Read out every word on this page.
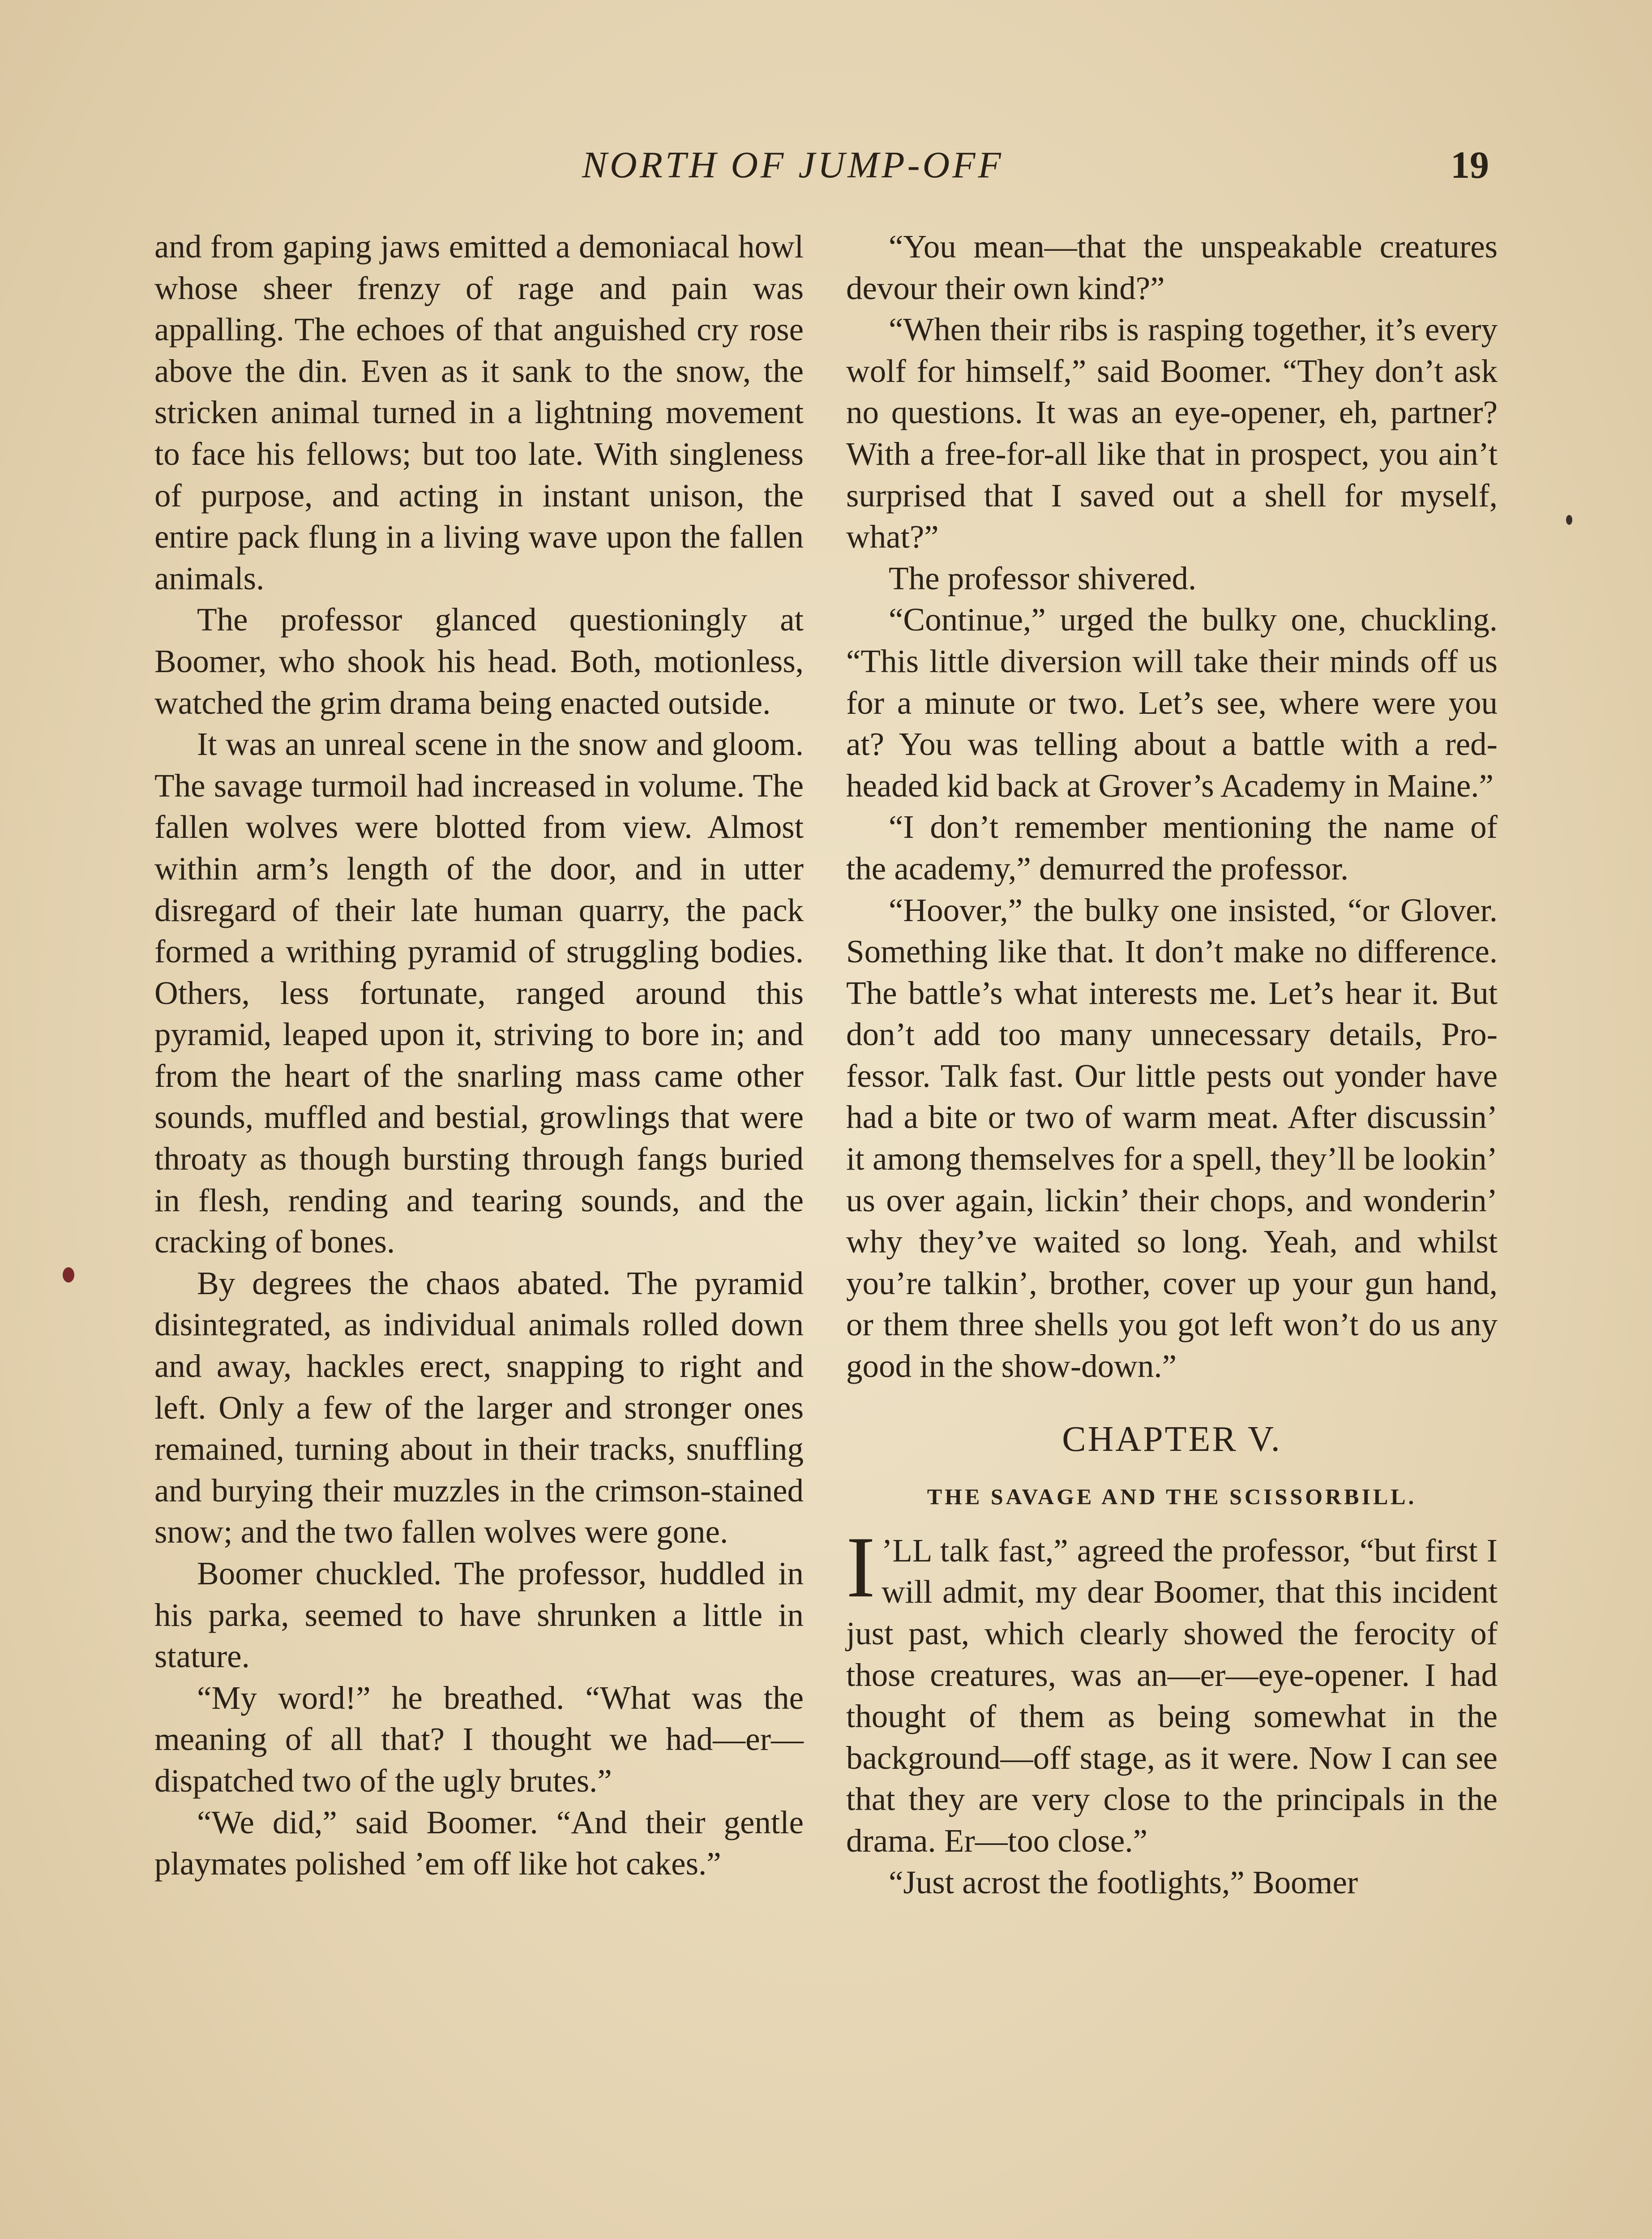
NORTH OF JUMP-OFF	19

and from gaping jaws emitted a demoniacal howl whose sheer frenzy of rage and pain was appalling. The echoes of that anguished cry rose above the din. Even as it sank to the snow, the stricken animal turned in a lightning movement to face his fellows; but too late. With singleness of purpose, and acting in instant unison, the entire pack flung in a living wave upon the fallen animals.

The professor glanced questioningly at Boomer, who shook his head. Both, motionless, watched the grim drama being enacted outside.

It was an unreal scene in the snow and gloom. The savage turmoil had increased in volume. The fallen wolves were blotted from view. Almost within arm’s length of the door, and in utter disregard of their late human quarry, the pack formed a writhing pyramid of struggling bodies. Others, less fortunate, ranged around this pyramid, leaped upon it, striving to bore in; and from the heart of the snarling mass came other sounds, muffled and bestial, growlings that were throaty as though bursting through fangs buried in flesh, rending and tearing sounds, and the cracking of bones.

By degrees the chaos abated. The pyramid disintegrated, as individual animals rolled down and away, hackles erect, snapping to right and left. Only a few of the larger and stronger ones remained, turning about in their tracks, snuffling and burying their muzzles in the crimson-stained snow; and the two fallen wolves were gone.

Boomer chuckled. The professor, huddled in his parka, seemed to have shrunken a little in stature.

“My word!” he breathed. “What was the meaning of all that? I thought we had—er—dispatched two of the ugly brutes.”

“We did,” said Boomer. “And their gentle playmates polished ’em off like hot cakes.”

“You mean—that the unspeakable creatures devour their own kind?”

“When their ribs is rasping together, it’s every wolf for himself,” said Boomer. “They don’t ask no questions. It was an eye-opener, eh, partner? With a free-for-all like that in prospect, you ain’t surprised that I saved out a shell for myself, what?”

The professor shivered.

“Continue,” urged the bulky one, chuckling. “This little diversion will take their minds off us for a minute or two. Let’s see, where were you at? You was telling about a battle with a red-headed kid back at Grover’s Academy in Maine.”

“I don’t remember mentioning the name of the academy,” demurred the professor.

“Hoover,” the bulky one insisted, “or Glover. Something like that. It don’t make no difference. The battle’s what interests me. Let’s hear it. But don’t add too many unnecessary details, Professor. Talk fast. Our little pests out yonder have had a bite or two of warm meat. After discussin’ it among themselves for a spell, they’ll be lookin’ us over again, lickin’ their chops, and wonderin’ why they’ve waited so long. Yeah, and whilst you’re talkin’, brother, cover up your gun hand, or them three shells you got left won’t do us any good in the show-down.”

CHAPTER V.

THE SAVAGE AND THE SCISSORBILL.

I ’LL talk fast,” agreed the professor, “but first I will admit, my dear Boomer, that this incident just past, which clearly showed the ferocity of those creatures, was an—er—eye-opener. I had thought of them as being somewhat in the background—off stage, as it were. Now I can see that they are very close to the principals in the drama. Er—too close.”

“Just acrost the footlights,” Boomer
